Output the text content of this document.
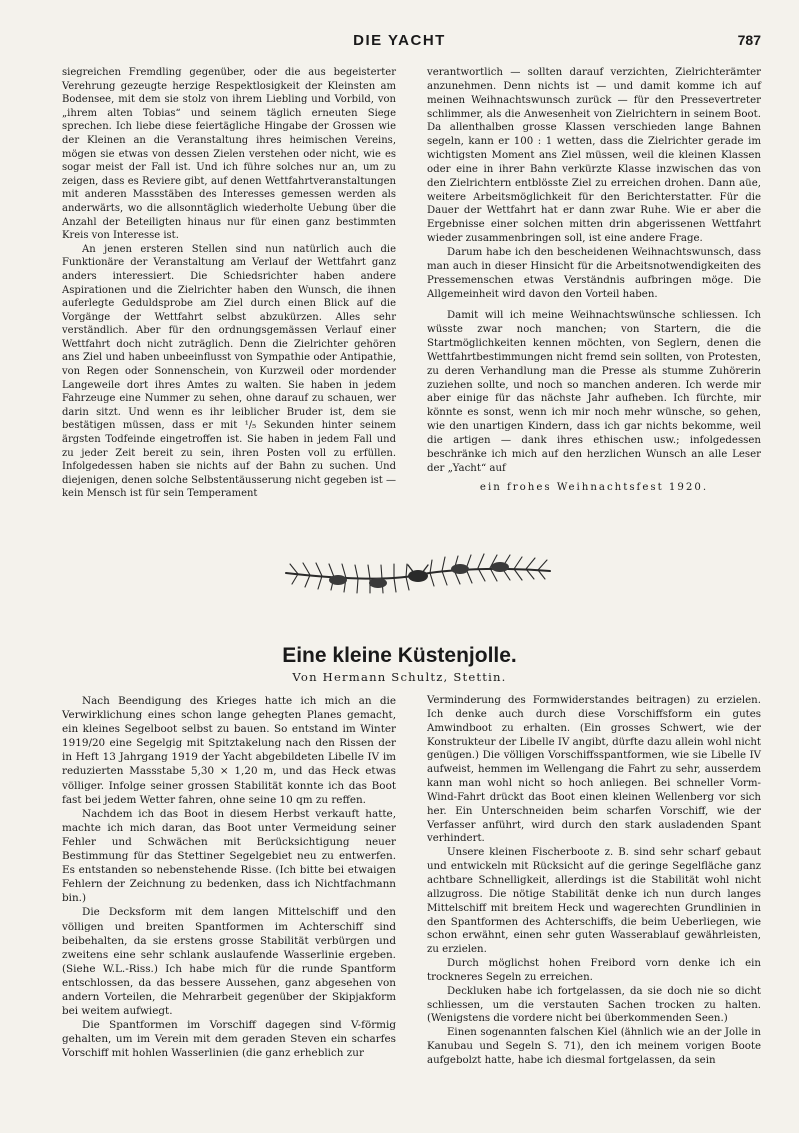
DIE YACHT	787

siegreichen Fremdling gegenüber, oder die aus begeisterter Verehrung gezeugte herzige Respektlosigkeit der Kleinsten am Bodensee, mit dem sie stolz von ihrem Liebling und Vorbild, von „ihrem alten Tobias“ und seinem täglich erneuten Siege sprechen. Ich liebe diese feiertägliche Hingabe der Grossen wie der Kleinen an die Veranstaltung ihres heimischen Vereins, mögen sie etwas von dessen Zielen verstehen oder nicht, wie es sogar meist der Fall ist. Und ich führe solches nur an, um zu zeigen, dass es Reviere gibt, auf denen Wettfahrtveranstaltungen mit anderen Massstäben des Interesses gemessen werden als anderwärts, wo die allsonntäglich wiederholte Uebung über die Anzahl der Beteiligten hinaus nur für einen ganz bestimmten Kreis von Interesse ist.

An jenen ersteren Stellen sind nun natürlich auch die Funktionäre der Veranstaltung am Verlauf der Wettfahrt ganz anders interessiert. Die Schiedsrichter haben andere Aspirationen und die Zielrichter haben den Wunsch, die ihnen auferlegte Geduldsprobe am Ziel durch einen Blick auf die Vorgänge der Wettfahrt selbst abzukürzen. Alles sehr verständlich. Aber für den ordnungsgemässen Verlauf einer Wettfahrt doch nicht zuträglich. Denn die Zielrichter gehören ans Ziel und haben unbeeinflusst von Sympathie oder Antipathie, von Regen oder Sonnenschein, von Kurzweil oder mordender Langeweile dort ihres Amtes zu walten. Sie haben in jedem Fahrzeuge eine Nummer zu sehen, ohne darauf zu schauen, wer darin sitzt. Und wenn es ihr leiblicher Bruder ist, dem sie bestätigen müssen, dass er mit ¹/₅ Sekunden hinter seinem ärgsten Todfeinde eingetroffen ist. Sie haben in jedem Fall und zu jeder Zeit bereit zu sein, ihren Posten voll zu erfüllen. Infolgedessen haben sie nichts auf der Bahn zu suchen. Und diejenigen, denen solche Selbstentäusserung nicht gegeben ist — kein Mensch ist für sein Temperament

verantwortlich — sollten darauf verzichten, Zielrichterämter anzunehmen. Denn nichts ist — und damit komme ich auf meinen Weihnachtswunsch zurück — für den Pressevertreter schlimmer, als die Anwesenheit von Zielrichtern in seinem Boot. Da allenthalben grosse Klassen verschieden lange Bahnen segeln, kann er 100 : 1 wetten, dass die Zielrichter gerade im wichtigsten Moment ans Ziel müssen, weil die kleinen Klassen oder eine in ihrer Bahn verkürzte Klasse inzwischen das von den Zielrichtern entblösste Ziel zu erreichen drohen. Dann aüe, weitere Arbeitsmöglichkeit für den Berichterstatter. Für die Dauer der Wettfahrt hat er dann zwar Ruhe. Wie er aber die Ergebnisse einer solchen mitten drin abgerissenen Wettfahrt wieder zusammenbringen soll, ist eine andere Frage.

Darum habe ich den bescheidenen Weihnachtswunsch, dass man auch in dieser Hinsicht für die Arbeitsnotwendigkeiten des Pressemenschen etwas Verständnis aufbringen möge. Die Allgemeinheit wird davon den Vorteil haben.

Damit will ich meine Weihnachtswünsche schliessen. Ich wüsste zwar noch manchen; von Startern, die die Startmöglichkeiten kennen möchten, von Seglern, denen die Wettfahrtbestimmungen nicht fremd sein sollten, von Protesten, zu deren Verhandlung man die Presse als stumme Zuhörerin zuziehen sollte, und noch so manchen anderen. Ich werde mir aber einige für das nächste Jahr aufheben. Ich fürchte, mir könnte es sonst, wenn ich mir noch mehr wünsche, so gehen, wie den unartigen Kindern, dass ich gar nichts bekomme, weil die artigen — dank ihres ethischen usw.; infolgedessen beschränke ich mich auf den herzlichen Wunsch an alle Leser der „Yacht“ auf

ein frohes Weihnachtsfest 1920.

Eine kleine Küstenjolle.
Von Hermann Schultz, Stettin.

Nach Beendigung des Krieges hatte ich mich an die Verwirklichung eines schon lange gehegten Planes gemacht, ein kleines Segelboot selbst zu bauen. So entstand im Winter 1919/20 eine Segelgig mit Spitztakelung nach den Rissen der in Heft 13 Jahrgang 1919 der Yacht abgebildeten Libelle IV im reduzierten Massstabe 5,30 × 1,20 m, und das Heck etwas völliger. Infolge seiner grossen Stabilität konnte ich das Boot fast bei jedem Wetter fahren, ohne seine 10 qm zu reffen.

Nachdem ich das Boot in diesem Herbst verkauft hatte, machte ich mich daran, das Boot unter Vermeidung seiner Fehler und Schwächen mit Berücksichtigung neuer Bestimmung für das Stettiner Segelgebiet neu zu entwerfen. Es entstanden so nebenstehende Risse. (Ich bitte bei etwaigen Fehlern der Zeichnung zu bedenken, dass ich Nichtfachmann bin.)

Die Decksform mit dem langen Mittelschiff und den völligen und breiten Spantformen im Achterschiff sind beibehalten, da sie erstens grosse Stabilität verbürgen und zweitens eine sehr schlank auslaufende Wasserlinie ergeben. (Siehe W.L.-Riss.) Ich habe mich für die runde Spantform entschlossen, da das bessere Aussehen, ganz abgesehen von andern Vorteilen, die Mehrarbeit gegenüber der Skipjakform bei weitem aufwiegt.

Die Spantformen im Vorschiff dagegen sind V-förmig gehalten, um im Verein mit dem geraden Steven ein scharfes Vorschiff mit hohlen Wasserlinien (die ganz erheblich zur

Verminderung des Formwiderstandes beitragen) zu erzielen. Ich denke auch durch diese Vorschiffsform ein gutes Amwindboot zu erhalten. (Ein grosses Schwert, wie der Konstrukteur der Libelle IV angibt, dürfte dazu allein wohl nicht genügen.) Die völligen Vorschiffsspantformen, wie sie Libelle IV aufweist, hemmen im Wellengang die Fahrt zu sehr, ausserdem kann man wohl nicht so hoch anliegen. Bei schneller Vorm-Wind-Fahrt drückt das Boot einen kleinen Wellenberg vor sich her. Ein Unterschneiden beim scharfen Vorschiff, wie der Verfasser anführt, wird durch den stark ausladenden Spant verhindert.

Unsere kleinen Fischerboote z. B. sind sehr scharf gebaut und entwickeln mit Rücksicht auf die geringe Segelfläche ganz achtbare Schnelligkeit, allerdings ist die Stabilität wohl nicht allzugross. Die nötige Stabilität denke ich nun durch langes Mittelschiff mit breitem Heck und wagerechten Grundlinien in den Spantformen des Achterschiffs, die beim Ueberliegen, wie schon erwähnt, einen sehr guten Wasserablauf gewährleisten, zu erzielen.

Durch möglichst hohen Freibord vorn denke ich ein trockneres Segeln zu erreichen.

Deckluken habe ich fortgelassen, da sie doch nie so dicht schliessen, um die verstauten Sachen trocken zu halten. (Wenigstens die vordere nicht bei überkommenden Seen.)

Einen sogenannten falschen Kiel (ähnlich wie an der Jolle in Kanubau und Segeln S. 71), den ich meinem vorigen Boote aufgebolzt hatte, habe ich diesmal fortgelassen, da sein
